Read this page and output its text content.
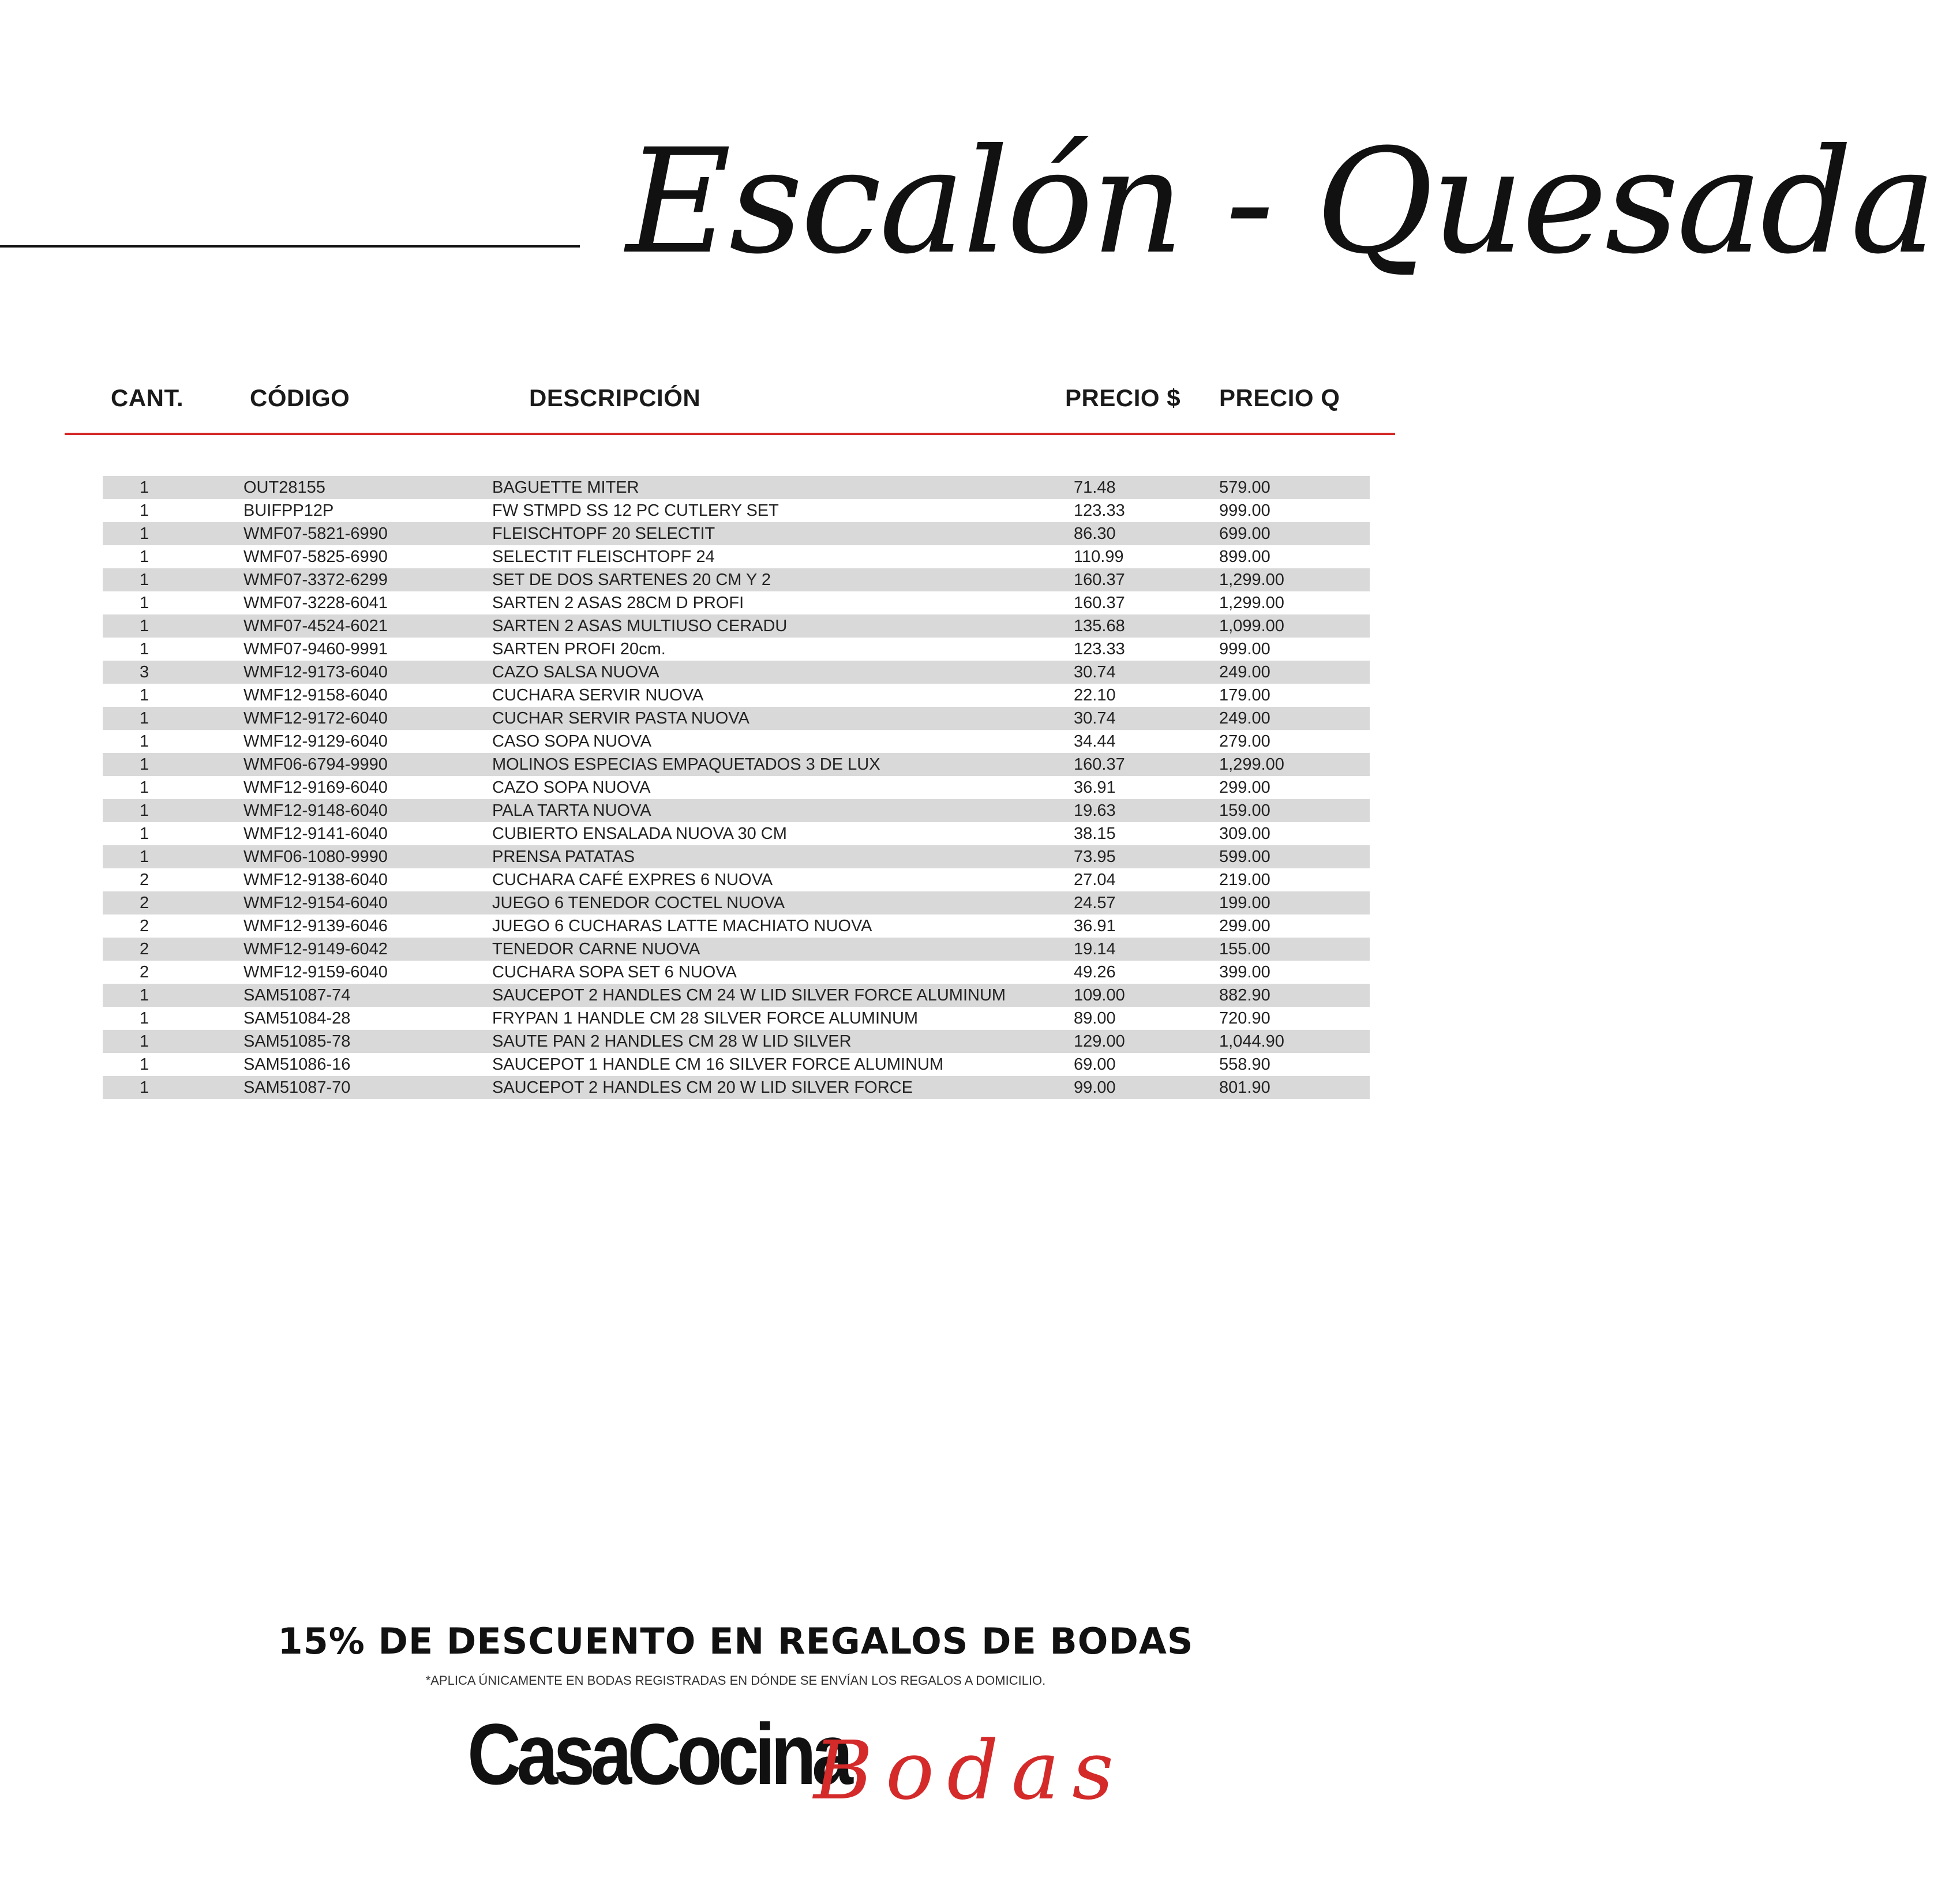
Escalón - Quesada
CANT.	CÓDIGO	DESCRIPCIÓN	PRECIO $ PRECIO Q
1	OUT28155	BAGUETTE MITER	71.48	579.00
1	BUIFPP12P	FW STMPD SS 12 PC CUTLERY SET	123.33	999.00
1	WMF07-5821-6990	FLEISCHTOPF 20 SELECTIT	86.30	699.00
1	WMF07-5825-6990	SELECTIT FLEISCHTOPF 24	110.99	899.00
1	WMF07-3372-6299	SET DE DOS SARTENES 20 CM Y 2	160.37	1,299.00
1	WMF07-3228-6041	SARTEN 2 ASAS 28CM D PROFI	160.37	1,299.00
1	WMF07-4524-6021	SARTEN 2 ASAS MULTIUSO CERADU	135.68	1,099.00
1	WMF07-9460-9991	SARTEN PROFI 20cm.	123.33	999.00
3	WMF12-9173-6040	CAZO SALSA NUOVA	30.74	249.00
1	WMF12-9158-6040	CUCHARA SERVIR NUOVA	22.10	179.00
1	WMF12-9172-6040	CUCHAR SERVIR PASTA NUOVA	30.74	249.00
1	WMF12-9129-6040	CASO SOPA NUOVA	34.44	279.00
1	WMF06-6794-9990	MOLINOS ESPECIAS EMPAQUETADOS 3 DE LUX	160.37	1,299.00
1	WMF12-9169-6040	CAZO SOPA NUOVA	36.91	299.00
1	WMF12-9148-6040	PALA TARTA NUOVA	19.63	159.00
1	WMF12-9141-6040	CUBIERTO ENSALADA NUOVA 30 CM	38.15	309.00
1	WMF06-1080-9990	PRENSA PATATAS	73.95	599.00
2	WMF12-9138-6040	CUCHARA CAFÉ EXPRES 6 NUOVA	27.04	219.00
2	WMF12-9154-6040	JUEGO 6 TENEDOR COCTEL NUOVA	24.57	199.00
2	WMF12-9139-6046	JUEGO 6 CUCHARAS LATTE MACHIATO NUOVA	36.91	299.00
2	WMF12-9149-6042	TENEDOR CARNE NUOVA	19.14	155.00
2	WMF12-9159-6040	CUCHARA SOPA SET 6 NUOVA	49.26	399.00
1	SAM51087-74	SAUCEPOT 2 HANDLES CM 24 W LID SILVER FORCE ALUMINUM	109.00	882.90
1	SAM51084-28	FRYPAN 1 HANDLE CM 28 SILVER FORCE ALUMINUM	89.00	720.90
1	SAM51085-78	SAUTE PAN 2 HANDLES CM 28 W LID SILVER	129.00	1,044.90
1	SAM51086-16	SAUCEPOT 1 HANDLE CM 16 SILVER FORCE ALUMINUM	69.00	558.90
1	SAM51087-70	SAUCEPOT 2 HANDLES CM 20 W LID SILVER FORCE	99.00	801.90
15% DE DESCUENTO EN REGALOS DE BODAS
*APLICA ÚNICAMENTE EN BODAS REGISTRADAS EN DÓNDE SE ENVÍAN LOS REGALOS A DOMICILIO.
CasaCocina
Bodas
